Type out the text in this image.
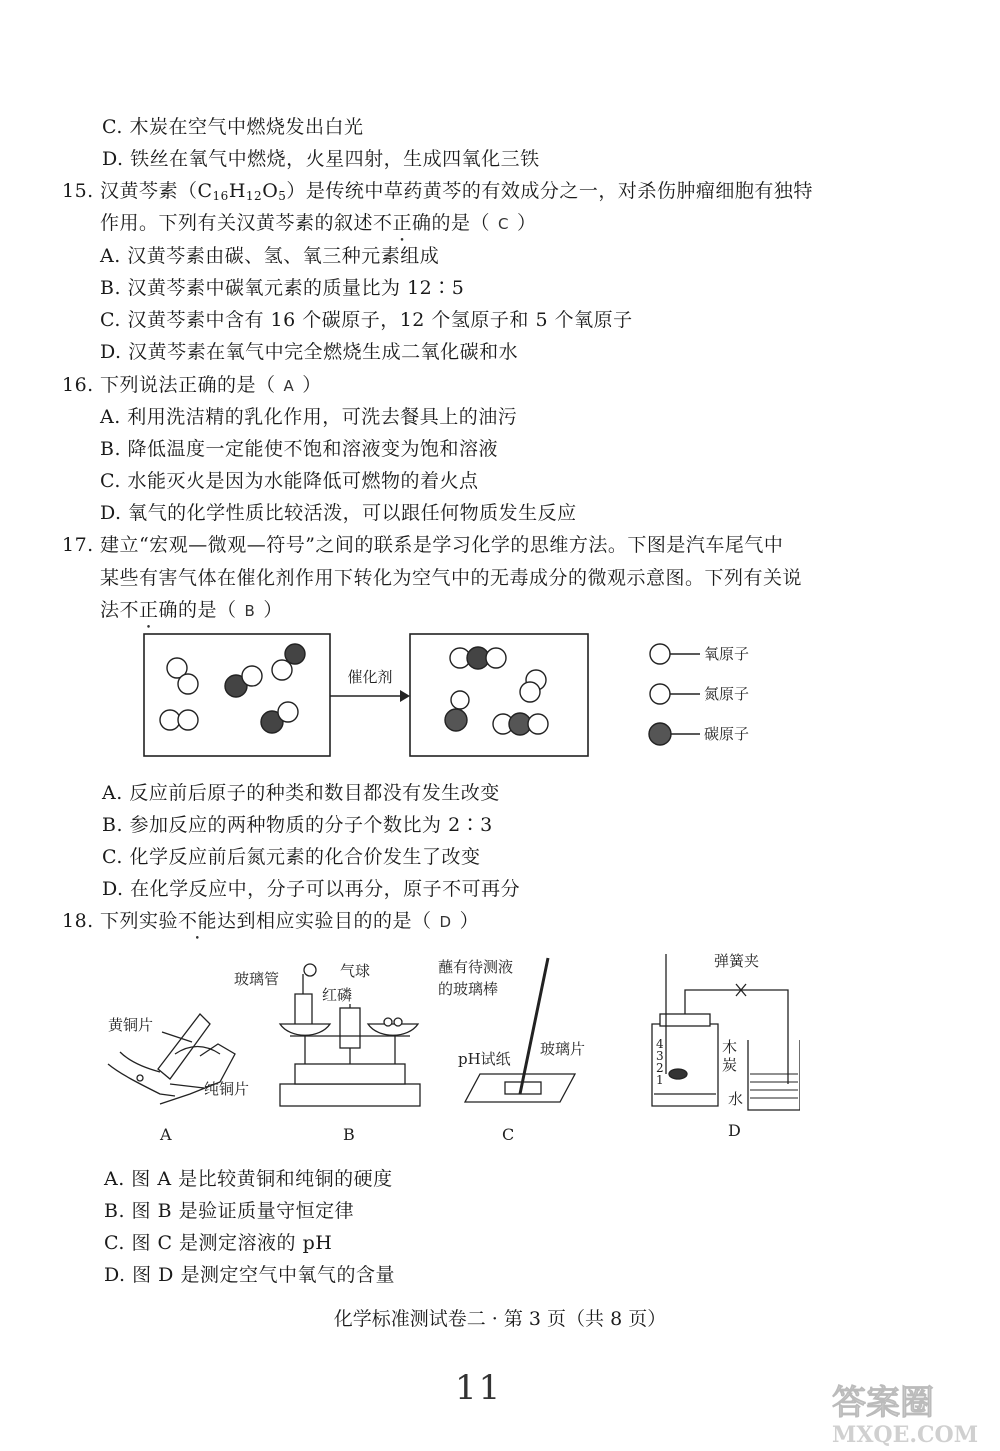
C. 木炭在空气中燃烧发出白光
D. 铁丝在氧气中燃烧，火星四射，生成四氧化三铁
15. 汉黄芩素$(C_{16}H_{12}O_5)$是传统中草药黄芩的有效成分之一，对杀伤肿瘤细胞有独特
作用。下列有关汉黄芩素的叙述不正确的是（ C ）
A. 汉黄芩素由碳、氢、氧三种元素组成
B. 汉黄芩素中碳氧元素的质量比为 12∶5
C. 汉黄芩素中含有 16 个碳原子，12 个氢原子和 5 个氧原子
D. 汉黄芩素在氧气中完全燃烧生成二氧化碳和水
16. 下列说法正确的是（ A ）
A. 利用洗洁精的乳化作用，可洗去餐具上的油污
B. 降低温度一定能使不饱和溶液变为饱和溶液
C. 水能灭火是因为水能降低可燃物的着火点
D. 氧气的化学性质比较活泼，可以跟任何物质发生反应
17. 建立“宏观—微观—符号”之间的联系是学习化学的思维方法。下图是汽车尾气中
某些有害气体在催化剂作用下转化为空气中的无毒成分的微观示意图。下列有关说
法不正确的是（ B ）
催化剂
氧原子
氮原子
碳原子
A. 反应前后原子的种类和数目都没有发生改变
B. 参加反应的两种物质的分子个数比为 2∶3
C. 化学反应前后氮元素的化合价发生了改变
D. 在化学反应中，分子可以再分，原子不可再分
18. 下列实验不能达到相应实验目的的是（ D ）
黄铜片
纯铜片
A
玻璃管	气球
红磷
B
蘸有待测液
的玻璃棒
pH试纸
玻璃片
C
4
3
2
1
弹簧夹
木
炭
水
D
A. 图 A 是比较黄铜和纯铜的硬度
B. 图 B 是验证质量守恒定律
C. 图 C 是测定溶液的 pH
D. 图 D 是测定空气中氧气的含量
化学标准测试卷二 · 第 3 页（共 8 页）
11	答案圈
MXQE.COM
